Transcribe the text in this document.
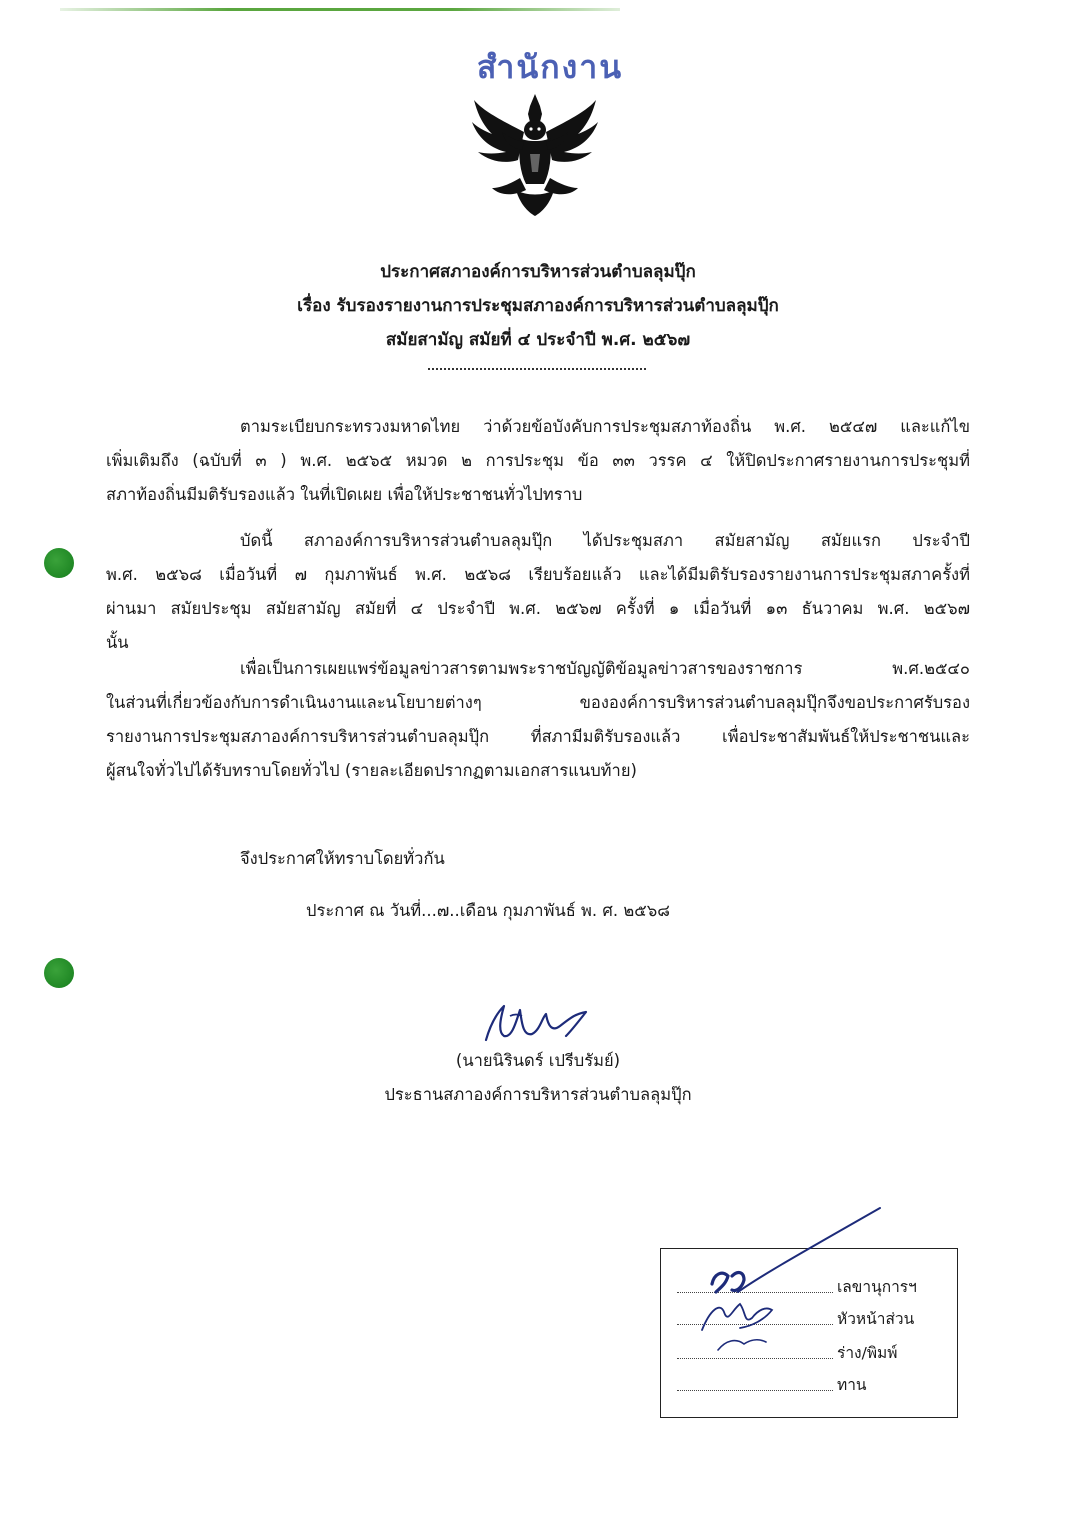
สำนักงาน
ประกาศสภาองค์การบริหารส่วนตำบลลุมปุ๊ก
เรื่อง รับรองรายงานการประชุมสภาองค์การบริหารส่วนตำบลลุมปุ๊ก
สมัยสามัญ สมัยที่ ๔ ประจำปี พ.ศ. ๒๕๖๗
ตามระเบียบกระทรวงมหาดไทย ว่าด้วยข้อบังคับการประชุมสภาท้องถิ่น พ.ศ. ๒๕๔๗ และแก้ไข
เพิ่มเติมถึง (ฉบับที่ ๓ ) พ.ศ. ๒๕๖๕ หมวด ๒ การประชุม ข้อ ๓๓ วรรค ๔ ให้ปิดประกาศรายงานการประชุมที่
สภาท้องถิ่นมีมติรับรองแล้ว ในที่เปิดเผย เพื่อให้ประชาชนทั่วไปทราบ
บัดนี้ สภาองค์การบริหารส่วนตำบลลุมปุ๊ก ได้ประชุมสภา สมัยสามัญ สมัยแรก ประจำปี
พ.ศ. ๒๕๖๘ เมื่อวันที่ ๗ กุมภาพันธ์ พ.ศ. ๒๕๖๘ เรียบร้อยแล้ว และได้มีมติรับรองรายงานการประชุมสภาครั้งที่
ผ่านมา สมัยประชุม สมัยสามัญ สมัยที่ ๔ ประจำปี พ.ศ. ๒๕๖๗ ครั้งที่ ๑ เมื่อวันที่ ๑๓ ธันวาคม พ.ศ. ๒๕๖๗
นั้น
เพื่อเป็นการเผยแพร่ข้อมูลข่าวสารตามพระราชบัญญัติข้อมูลข่าวสารของราชการ พ.ศ.๒๕๔๐
ในส่วนที่เกี่ยวข้องกับการดำเนินงานและนโยบายต่างๆ ขององค์การบริหารส่วนตำบลลุมปุ๊กจึงขอประกาศรับรอง
รายงานการประชุมสภาองค์การบริหารส่วนตำบลลุมปุ๊ก ที่สภามีมติรับรองแล้ว เพื่อประชาสัมพันธ์ให้ประชาชนและ
ผู้สนใจทั่วไปได้รับทราบโดยทั่วไป (รายละเอียดปรากฏตามเอกสารแนบท้าย)
จึงประกาศให้ทราบโดยทั่วกัน
ประกาศ ณ วันที่...๗..เดือน กุมภาพันธ์ พ. ศ. ๒๕๖๘
(นายนิรินดร์ เปรีบรัมย์)
ประธานสภาองค์การบริหารส่วนตำบลลุมปุ๊ก
เลขานุการฯ
หัวหน้าส่วน
ร่าง/พิมพ์
ทาน
